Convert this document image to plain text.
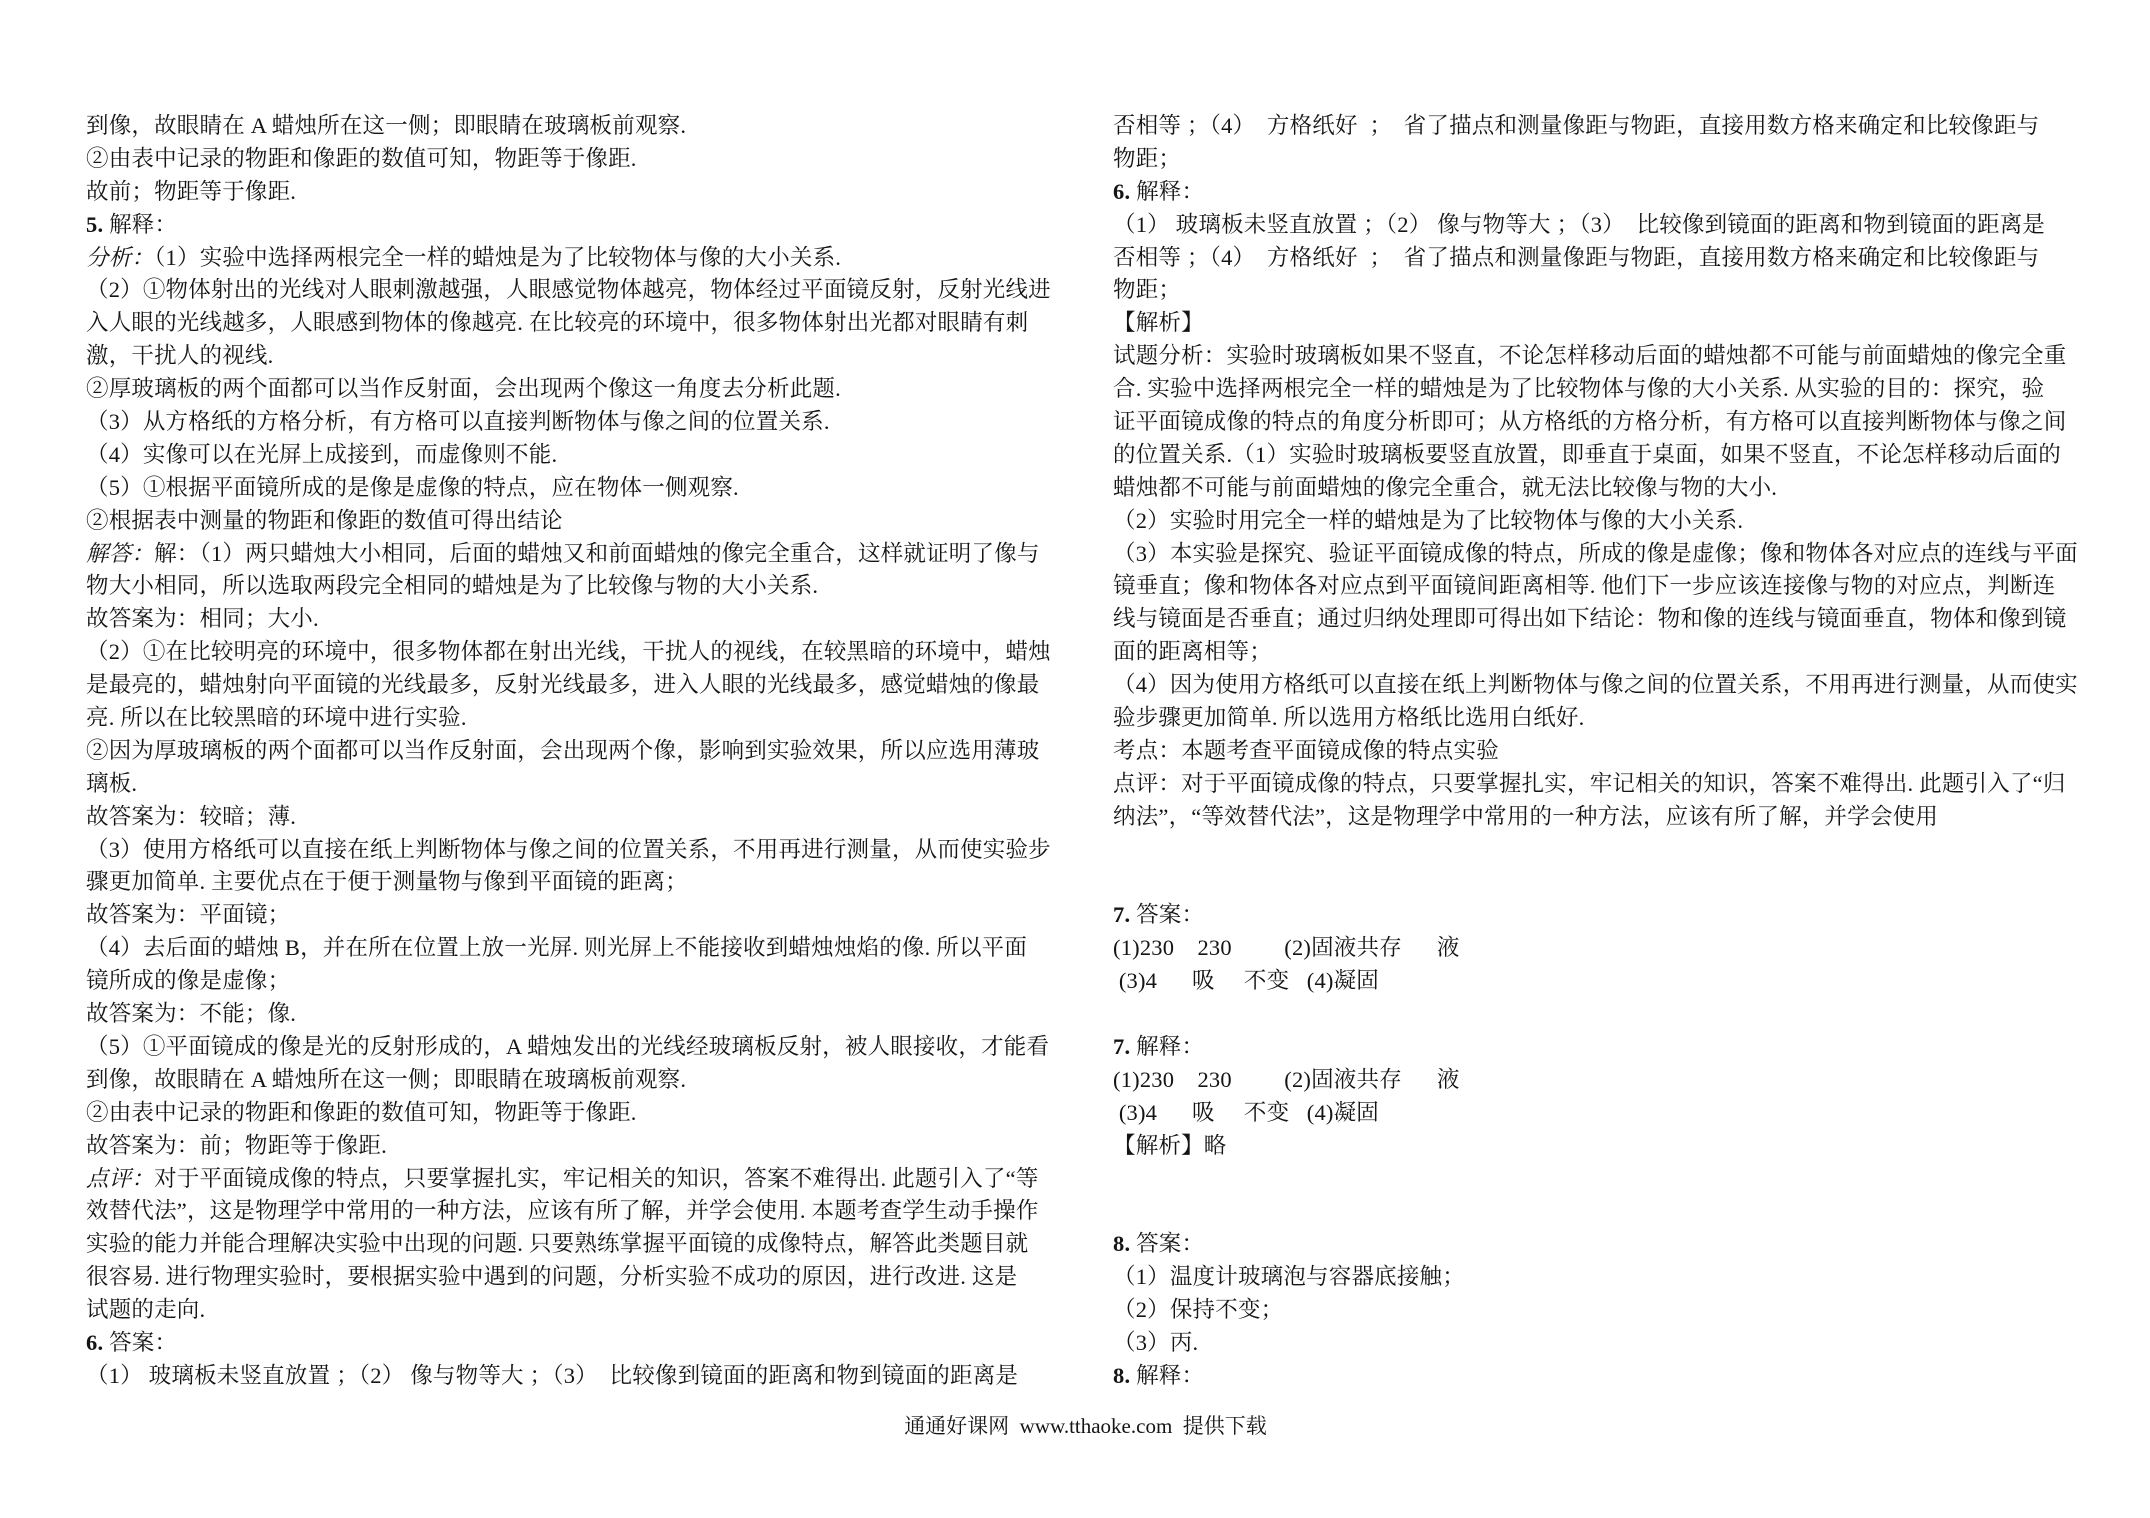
到像，故眼睛在 A 蜡烛所在这一侧；即眼睛在玻璃板前观察.
②由表中记录的物距和像距的数值可知，物距等于像距.
故前；物距等于像距.
5. 解释：
分析：（1）实验中选择两根完全一样的蜡烛是为了比较物体与像的大小关系.
（2）①物体射出的光线对人眼刺激越强，人眼感觉物体越亮，物体经过平面镜反射，反射光线进
入人眼的光线越多，人眼感到物体的像越亮. 在比较亮的环境中，很多物体射出光都对眼睛有刺
激，干扰人的视线.
②厚玻璃板的两个面都可以当作反射面，会出现两个像这一角度去分析此题.
（3）从方格纸的方格分析，有方格可以直接判断物体与像之间的位置关系.
（4）实像可以在光屏上成接到，而虚像则不能.
（5）①根据平面镜所成的是像是虚像的特点，应在物体一侧观察.
②根据表中测量的物距和像距的数值可得出结论
解答：解：（1）两只蜡烛大小相同，后面的蜡烛又和前面蜡烛的像完全重合，这样就证明了像与
物大小相同，所以选取两段完全相同的蜡烛是为了比较像与物的大小关系.
故答案为：相同；大小.
（2）①在比较明亮的环境中，很多物体都在射出光线，干扰人的视线，在较黑暗的环境中，蜡烛
是最亮的，蜡烛射向平面镜的光线最多，反射光线最多，进入人眼的光线最多，感觉蜡烛的像最
亮. 所以在比较黑暗的环境中进行实验.
②因为厚玻璃板的两个面都可以当作反射面，会出现两个像，影响到实验效果，所以应选用薄玻
璃板.
故答案为：较暗；薄.
（3）使用方格纸可以直接在纸上判断物体与像之间的位置关系，不用再进行测量，从而使实验步
骤更加简单. 主要优点在于便于测量物与像到平面镜的距离；
故答案为：平面镜；
（4）去后面的蜡烛 B，并在所在位置上放一光屏. 则光屏上不能接收到蜡烛烛焰的像. 所以平面
镜所成的像是虚像；
故答案为：不能；像.
（5）①平面镜成的像是光的反射形成的，A 蜡烛发出的光线经玻璃板反射，被人眼接收，才能看
到像，故眼睛在 A 蜡烛所在这一侧；即眼睛在玻璃板前观察.
②由表中记录的物距和像距的数值可知，物距等于像距.
故答案为：前；物距等于像距.
点评：对于平面镜成像的特点，只要掌握扎实，牢记相关的知识，答案不难得出. 此题引入了“等
效替代法”，这是物理学中常用的一种方法，应该有所了解，并学会使用. 本题考查学生动手操作
实验的能力并能合理解决实验中出现的问题. 只要熟练掌握平面镜的成像特点，解答此类题目就
很容易. 进行物理实验时，要根据实验中遇到的问题，分析实验不成功的原因，进行改进. 这是
试题的走向.
6. 答案：
（1） 玻璃板未竖直放置 ；（2） 像与物等大 ；（3）  比较像到镜面的距离和物到镜面的距离是
否相等 ；（4）  方格纸好  ；  省了描点和测量像距与物距，直接用数方格来确定和比较像距与
物距；
6. 解释：
（1） 玻璃板未竖直放置 ；（2） 像与物等大 ；（3）  比较像到镜面的距离和物到镜面的距离是
否相等 ；（4）  方格纸好  ；  省了描点和测量像距与物距，直接用数方格来确定和比较像距与
物距；
【解析】
试题分析：实验时玻璃板如果不竖直，不论怎样移动后面的蜡烛都不可能与前面蜡烛的像完全重
合. 实验中选择两根完全一样的蜡烛是为了比较物体与像的大小关系. 从实验的目的：探究，验
证平面镜成像的特点的角度分析即可；从方格纸的方格分析，有方格可以直接判断物体与像之间
的位置关系.（1）实验时玻璃板要竖直放置，即垂直于桌面，如果不竖直，不论怎样移动后面的
蜡烛都不可能与前面蜡烛的像完全重合，就无法比较像与物的大小.
（2）实验时用完全一样的蜡烛是为了比较物体与像的大小关系.
（3）本实验是探究、验证平面镜成像的特点，所成的像是虚像；像和物体各对应点的连线与平面
镜垂直；像和物体各对应点到平面镜间距离相等. 他们下一步应该连接像与物的对应点，判断连
线与镜面是否垂直；通过归纳处理即可得出如下结论：物和像的连线与镜面垂直，物体和像到镜
面的距离相等；
（4）因为使用方格纸可以直接在纸上判断物体与像之间的位置关系，不用再进行测量，从而使实
验步骤更加简单. 所以选用方格纸比选用白纸好.
考点：本题考查平面镜成像的特点实验
点评：对于平面镜成像的特点，只要掌握扎实，牢记相关的知识，答案不难得出. 此题引入了“归
纳法”，“等效替代法”，这是物理学中常用的一种方法，应该有所了解，并学会使用
7. 答案：
(1)230    230         (2)固液共存      液
(3)4      吸     不变   (4)凝固
7. 解释：
(1)230    230         (2)固液共存      液
(3)4      吸     不变   (4)凝固
【解析】略
8. 答案：
（1）温度计玻璃泡与容器底接触；
（2）保持不变；
（3）丙.
8. 解释：

通通好课网  www.tthaoke.com  提供下载
